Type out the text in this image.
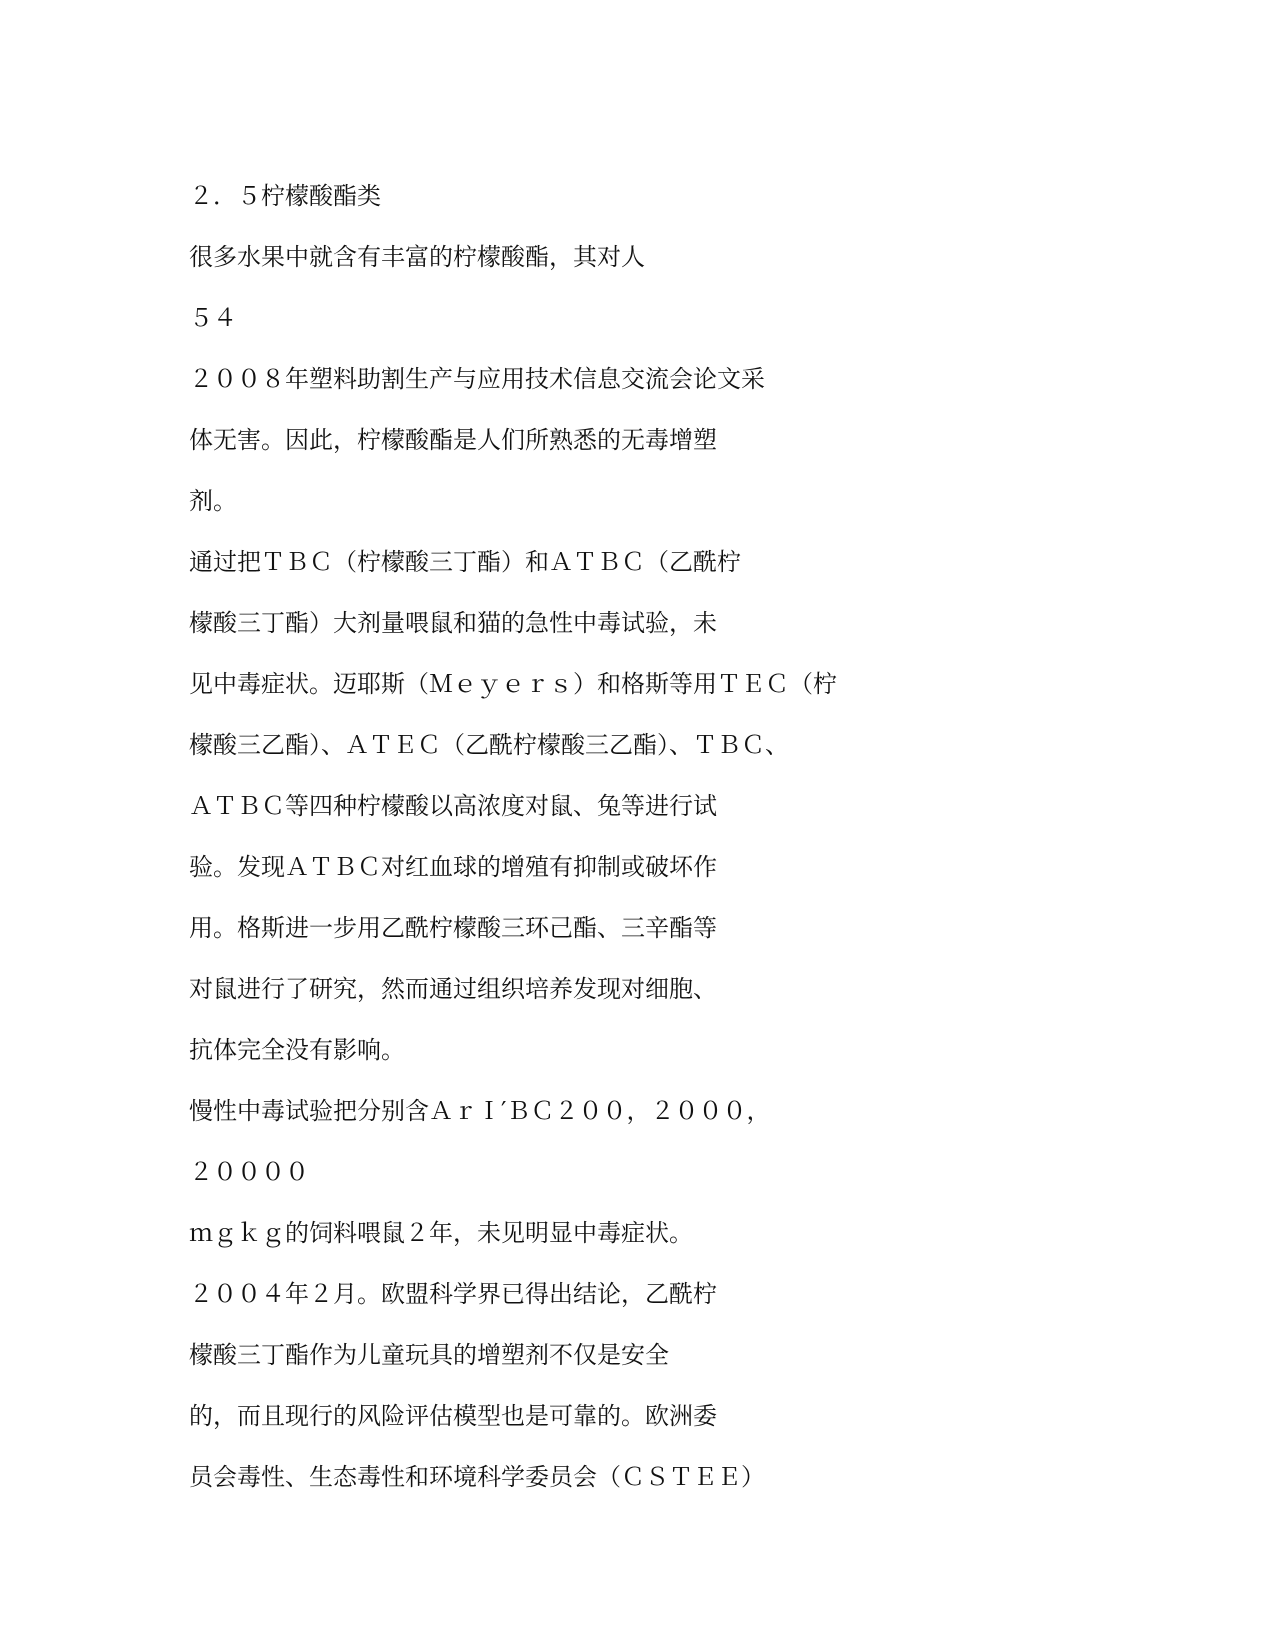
２．５柠檬酸酯类

很多水果中就含有丰富的柠檬酸酯，其对人

５４

２００８年塑料助割生产与应用技术信息交流会论文采

体无害。因此，柠檬酸酯是人们所熟悉的无毒增塑

剂。

通过把ＴＢＣ（柠檬酸三丁酯）和ＡＴＢＣ（乙酰柠

檬酸三丁酯）大剂量喂鼠和猫的急性中毒试验，未

见中毒症状。迈耶斯（Ｍｅｙｅｒｓ）和格斯等用ＴＥＣ（柠

檬酸三乙酯）、ＡＴＥＣ（乙酰柠檬酸三乙酯）、ＴＢＣ、

ＡＴＢＣ等四种柠檬酸以高浓度对鼠、兔等进行试

验。发现ＡＴＢＣ对红血球的增殖有抑制或破坏作

用。格斯进一步用乙酰柠檬酸三环己酯、三辛酯等

对鼠进行了研究，然而通过组织培养发现对细胞、

抗体完全没有影响。

慢性中毒试验把分别含ＡｒＩ′ＢＣ２００，２０００，

２００００

ｍｇｋｇ的饲料喂鼠２年，未见明显中毒症状。

２００４年２月。欧盟科学界已得出结论，乙酰柠

檬酸三丁酯作为儿童玩具的增塑剂不仅是安全

的，而且现行的风险评估模型也是可靠的。欧洲委

员会毒性、生态毒性和环境科学委员会（ＣＳＴＥＥ）
